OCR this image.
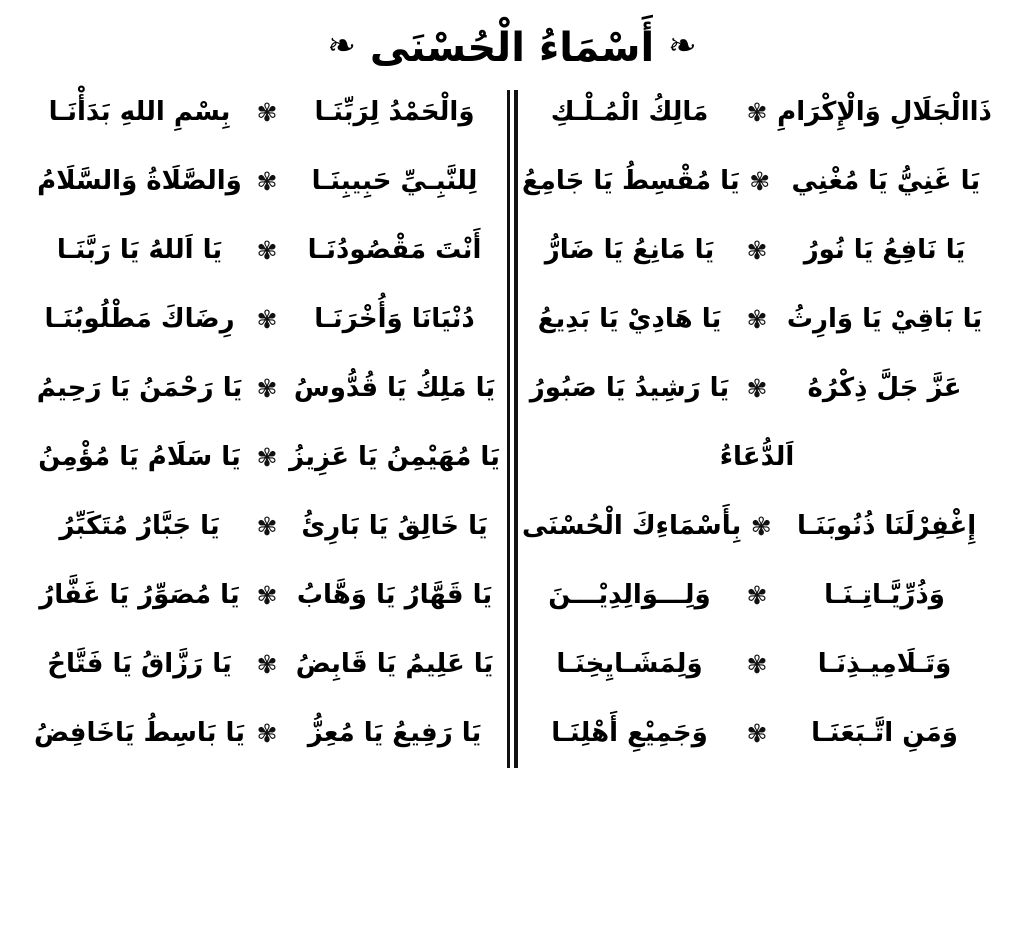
❧
أَسْمَاءُ الْحُسْنَى
❧
ذَاالْجَلَالِ وَالْإِكْرَامِ
✾
مَالِكُ الْمُـلْـكِ
يَا غَنِيُّ يَا مُغْنِي
✾
يَا مُقْسِطُ يَا جَامِعُ
يَا نَافِعُ يَا نُورُ
✾
يَا مَانِعُ يَا ضَارُّ
يَا بَاقِيْ يَا وَارِثُ
✾
يَا هَادِيْ يَا بَدِيعُ
عَزَّ جَلَّ ذِكْرُهُ
✾
يَا رَشِيدُ يَا صَبُورُ
اَلدُّعَاءُ
إِغْفِرْلَنَا ذُنُوبَنَـا
✾
بِأَسْمَاءِكَ الْحُسْنَى
وَذُرِّيَّـاتِـنَـا
✾
وَلِـــوَالِدِيْـــنَ
وَتَـلَامِيـذِنَـا
✾
وَلِمَشَـايِخِنَـا
وَمَنِ اتَّـبَعَنَـا
✾
وَجَمِيْعِ أَهْلِنَـا
وَالْحَمْدُ لِرَبِّنَـا
✾
بِسْمِ اللهِ بَدَأْنَـا
لِلنَّبِـيِّ حَبِيبِنَـا
✾
وَالصَّلَاةُ وَالسَّلَامُ
أَنْتَ مَقْصُودُنَـا
✾
يَا اَللهُ يَا رَبَّنَـا
دُنْيَانَا وَأُخْرَنَـا
✾
رِضَاكَ مَطْلُوبُنَـا
يَا مَلِكُ يَا قُدُّوسُ
✾
يَا رَحْمَنُ يَا رَحِيمُ
يَا مُهَيْمِنُ يَا عَزِيزُ
✾
يَا سَلَامُ يَا مُؤْمِنُ
يَا خَالِقُ يَا بَارِئُ
✾
يَا جَبَّارُ مُتَكَبِّرُ
يَا قَهَّارُ يَا وَهَّابُ
✾
يَا مُصَوِّرُ يَا غَفَّارُ
يَا عَلِيمُ يَا قَابِضُ
✾
يَا رَزَّاقُ يَا فَتَّاحُ
يَا رَفِيعُ يَا مُعِزُّ
✾
يَا بَاسِطُ يَاخَافِضُ
